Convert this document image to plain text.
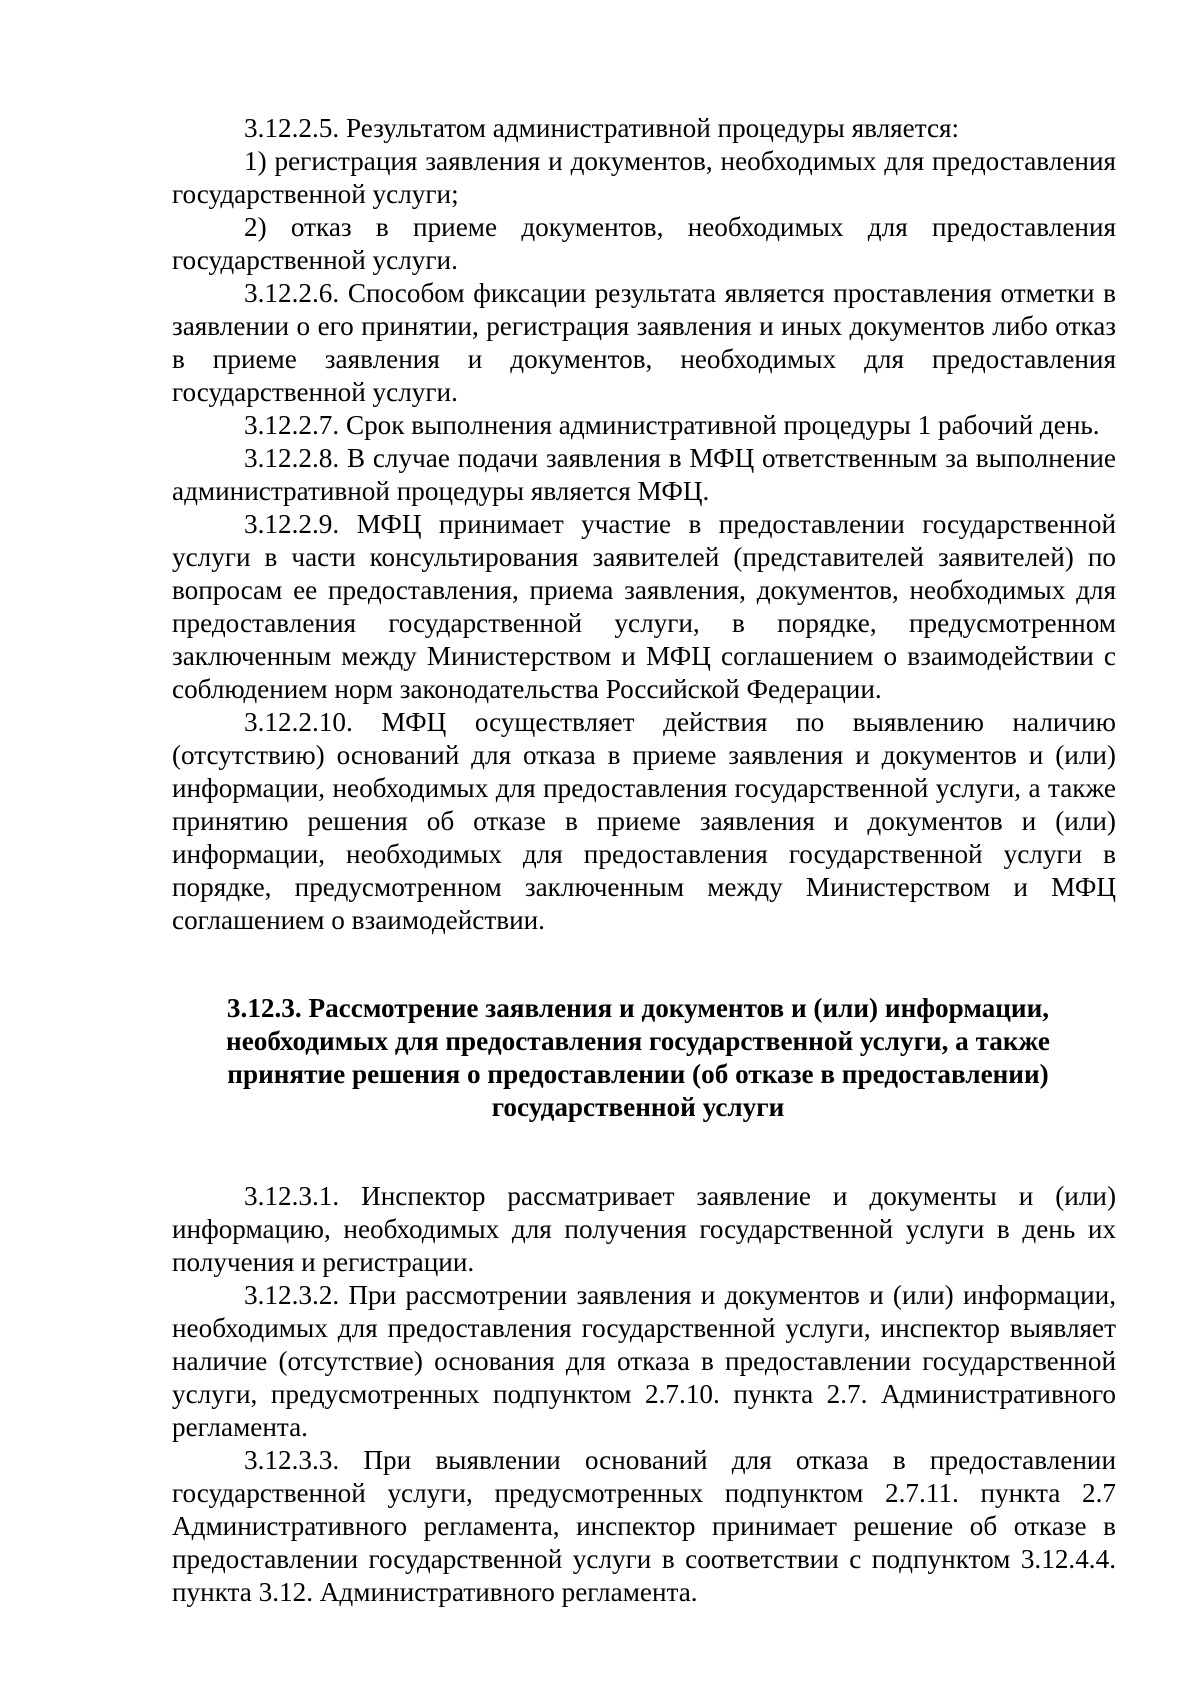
3.12.2.5. Результатом административной процедуры является:

1) регистрация заявления и документов, необходимых для предоставления государственной услуги;

2) отказ в приеме документов, необходимых для предоставления государственной услуги.

3.12.2.6. Способом фиксации результата является проставления отметки в заявлении о его принятии, регистрация заявления и иных документов либо отказ в приеме заявления и документов, необходимых для предоставления государственной услуги.

3.12.2.7. Срок выполнения административной процедуры 1 рабочий день.

3.12.2.8. В случае подачи заявления в МФЦ ответственным за выполнение административной процедуры является МФЦ.

3.12.2.9. МФЦ принимает участие в предоставлении государственной услуги в части консультирования заявителей (представителей заявителей) по вопросам ее предоставления, приема заявления, документов, необходимых для предоставления государственной услуги, в порядке, предусмотренном заключенным между Министерством и МФЦ соглашением о взаимодействии с соблюдением норм законодательства Российской Федерации.

3.12.2.10. МФЦ осуществляет действия по выявлению наличию (отсутствию) оснований для отказа в приеме заявления и документов и (или) информации, необходимых для предоставления государственной услуги, а также принятию решения об отказе в приеме заявления и документов и (или) информации, необходимых для предоставления государственной услуги в порядке, предусмотренном заключенным между Министерством и МФЦ соглашением о взаимодействии.

3.12.3. Рассмотрение заявления и документов и (или) информации, необходимых для предоставления государственной услуги, а также принятие решения о предоставлении (об отказе в предоставлении) государственной услуги

3.12.3.1. Инспектор рассматривает заявление и документы и (или) информацию, необходимых для получения государственной услуги в день их получения и регистрации.

3.12.3.2. При рассмотрении заявления и документов и (или) информации, необходимых для предоставления государственной услуги, инспектор выявляет наличие (отсутствие) основания для отказа в предоставлении государственной услуги, предусмотренных подпунктом 2.7.10. пункта 2.7. Административного регламента.

3.12.3.3. При выявлении оснований для отказа в предоставлении государственной услуги, предусмотренных подпунктом 2.7.11. пункта 2.7 Административного регламента, инспектор принимает решение об отказе в предоставлении государственной услуги в соответствии с подпунктом 3.12.4.4. пункта 3.12. Административного регламента.
